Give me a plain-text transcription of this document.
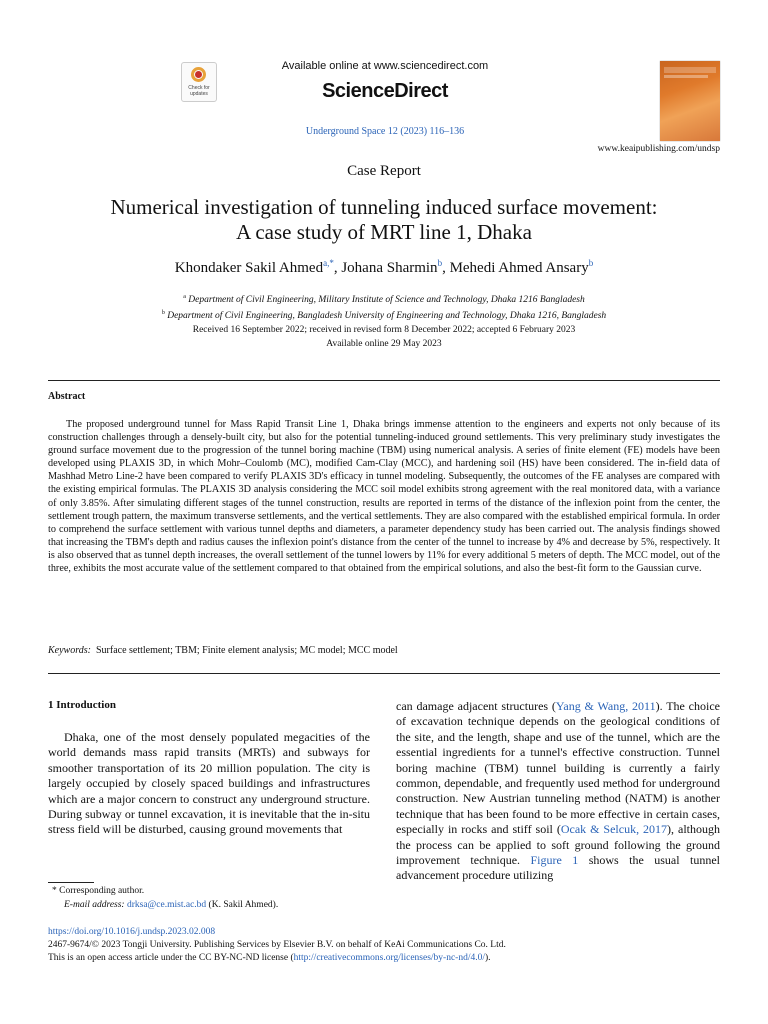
Check for updates
Available online at www.sciencedirect.com
ScienceDirect
Underground Space 12 (2023) 116–136
www.keaipublishing.com/undsp
Case Report
Numerical investigation of tunneling induced surface movement:
A case study of MRT line 1, Dhaka
Khondaker Sakil Ahmed$^{a,*}$, Johana Sharmin$^b$, Mehedi Ahmed Ansary$^b$
$^a$ Department of Civil Engineering, Military Institute of Science and Technology, Dhaka 1216 Bangladesh
$^b$ Department of Civil Engineering, Bangladesh University of Engineering and Technology, Dhaka 1216, Bangladesh
Received 16 September 2022; received in revised form 8 December 2022; accepted 6 February 2023
Available online 29 May 2023
Abstract
The proposed underground tunnel for Mass Rapid Transit Line 1, Dhaka brings immense attention to the engineers and experts not only because of its construction challenges through a densely-built city, but also for the potential tunneling-induced ground settlements. This very preliminary study investigates the ground surface movement due to the progression of the tunnel boring machine (TBM) using numerical analysis. A series of finite element (FE) models have been developed using PLAXIS 3D, in which Mohr–Coulomb (MC), modified Cam-Clay (MCC), and hardening soil (HS) have been considered. The in-field data of Mashhad Metro Line-2 have been compared to verify PLAXIS 3D's efficacy in tunnel modeling. Subsequently, the outcomes of the FE analyses are compared with the existing empirical formulas. The PLAXIS 3D analysis considering the MCC soil model exhibits strong agreement with the real monitored data, with a variance of only 3.85%. After simulating different stages of the tunnel construction, results are reported in terms of the distance of the inflexion point from the center, the settlement trough pattern, the maximum transverse settlements, and the vertical settlements. They are also compared with the established empirical formula. In order to comprehend the surface settlement with various tunnel depths and diameters, a parameter dependency study has been carried out. The analysis findings showed that increasing the TBM's depth and radius causes the inflexion point's distance from the center of the tunnel to increase by 4% and decrease by 5%, respectively. It is also observed that as tunnel depth increases, the overall settlement of the tunnel lowers by 11% for every additional 5 meters of depth. The MCC model, out of the three, exhibits the most accurate value of the settlement compared to that obtained from the empirical solutions, and also the best-fit form to the Gaussian curve.
Keywords: Surface settlement; TBM; Finite element analysis; MC model; MCC model
1 Introduction
Dhaka, one of the most densely populated megacities of the world demands mass rapid transits (MRTs) and subways for smoother transportation of its 20 million population. The city is largely occupied by closely spaced buildings and infrastructures which are a major concern to construct any underground structure. During subway or tunnel excavation, it is inevitable that the in-situ stress field will be disturbed, causing ground movements that
can damage adjacent structures (Yang & Wang, 2011). The choice of excavation technique depends on the geological conditions of the site, and the length, shape and use of the tunnel, which are the essential ingredients for a tunnel's effective construction. Tunnel boring machine (TBM) tunnel building is currently a fairly common, dependable, and frequently used method for underground construction. New Austrian tunneling method (NATM) is another technique that has been found to be more effective in certain cases, especially in rocks and stiff soil (Ocak & Selcuk, 2017), although the process can be applied to soft ground following the ground improvement technique. Figure 1 shows the usual tunnel advancement procedure utilizing
* Corresponding author.
E-mail address: drksa@ce.mist.ac.bd (K. Sakil Ahmed).
https://doi.org/10.1016/j.undsp.2023.02.008
2467-9674/© 2023 Tongji University. Publishing Services by Elsevier B.V. on behalf of KeAi Communications Co. Ltd.
This is an open access article under the CC BY-NC-ND license (http://creativecommons.org/licenses/by-nc-nd/4.0/).
